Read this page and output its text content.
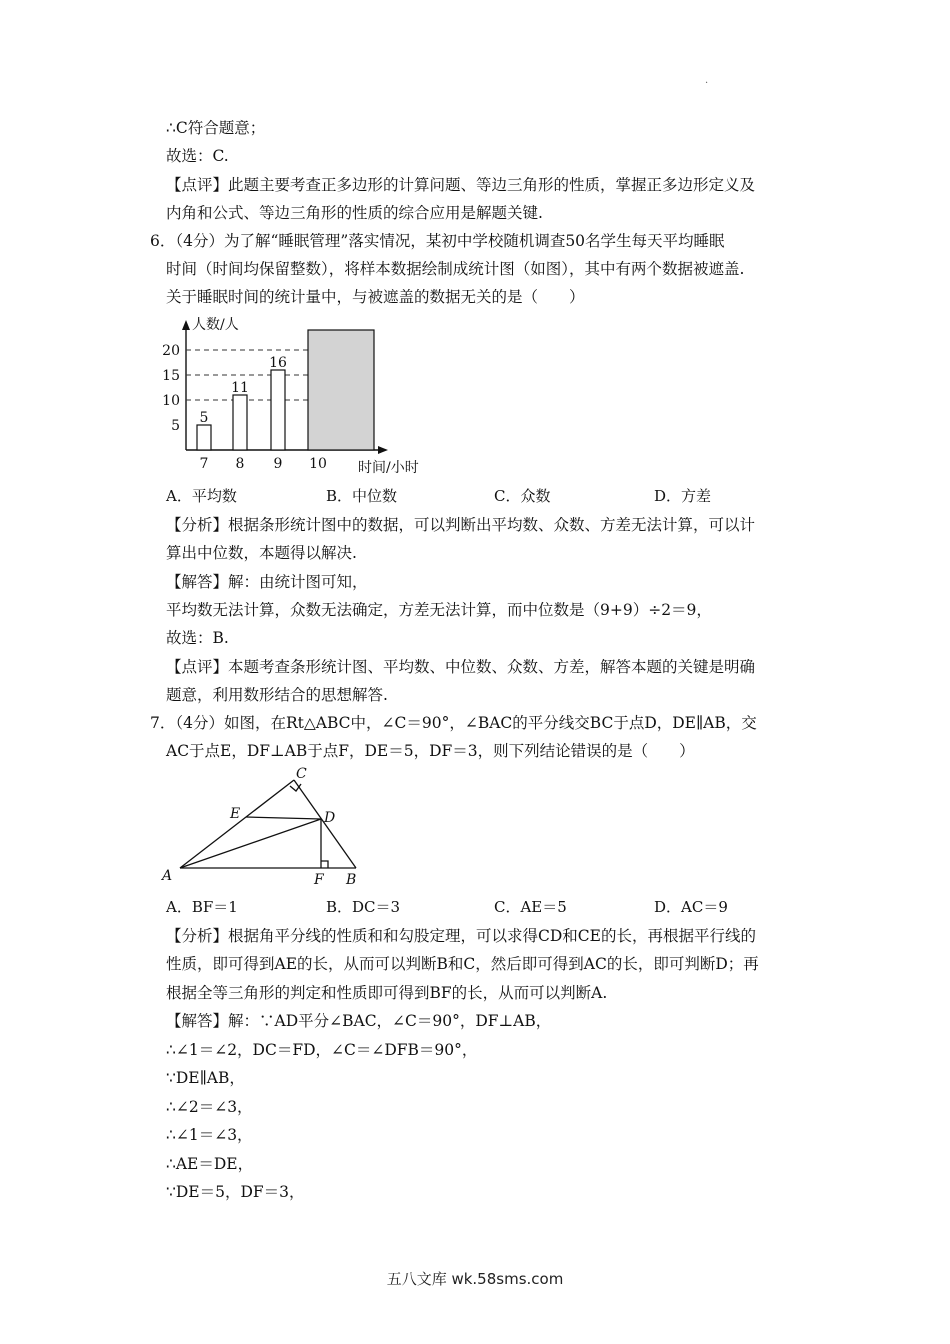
·
∴C符合题意；
故选：C.
【点评】此题主要考查正多边形的计算问题、等边三角形的性质，掌握正多边形定义及
内角和公式、等边三角形的性质的综合应用是解题关键.
6．（4分）为了解“睡眠管理”落实情况，某初中学校随机调查50名学生每天平均睡眠
时间（时间均保留整数），将样本数据绘制成统计图（如图），其中有两个数据被遮盖.
关于睡眠时间的统计量中，与被遮盖的数据无关的是（　　）
人数/人
时间/小时
5
10
15
20
7
5
8
11
9
16
10
A．平均数	B．中位数	C．众数	D．方差
【分析】根据条形统计图中的数据，可以判断出平均数、众数、方差无法计算，可以计
算出中位数，本题得以解决.
【解答】解：由统计图可知，
平均数无法计算，众数无法确定，方差无法计算，而中位数是（9+9）÷2＝9，
故选：B.
【点评】本题考查条形统计图、平均数、中位数、众数、方差，解答本题的关键是明确
题意，利用数形结合的思想解答.
7．（4分）如图，在Rt△ABC中，∠C＝90°，∠BAC的平分线交BC于点D，DE∥AB，交
AC于点E，DF⊥AB于点F，DE＝5，DF＝3，则下列结论错误的是（　　）
A	B
C
D
E
F
A．BF＝1	B．DC＝3	C．AE＝5	D．AC＝9
【分析】根据角平分线的性质和和勾股定理，可以求得CD和CE的长，再根据平行线的
性质，即可得到AE的长，从而可以判断B和C，然后即可得到AC的长，即可判断D；再
根据全等三角形的判定和性质即可得到BF的长，从而可以判断A.
【解答】解：∵AD平分∠BAC，∠C＝90°，DF⊥AB，
∴∠1＝∠2，DC＝FD，∠C＝∠DFB＝90°，
∵DE∥AB，
∴∠2＝∠3，
∴∠1＝∠3，
∴AE＝DE，
∵DE＝5，DF＝3，
五八文库 wk.58sms.com
